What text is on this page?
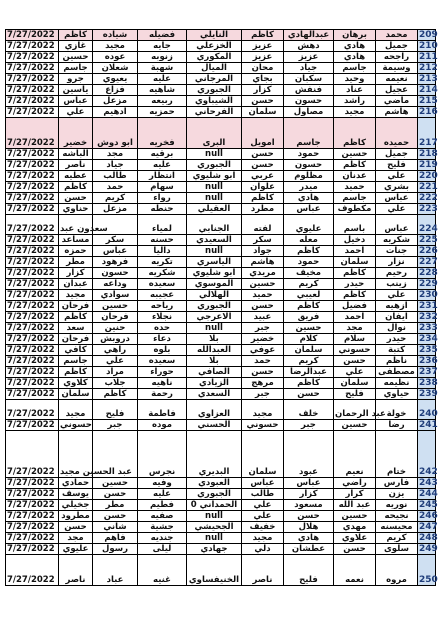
7/27/2022	كاظم	شياده	فضيله	النايلي	كاظم	عبدالهادي	برهان	محمد	209
7/27/2022	غازي	مجيد	جايه	الخزعلي	عزيز	دهش	هادي	جميل	210
7/27/2022	حسين	عوده	زنوبه	المكوري	عزيز	عزيز	هادي	راجحه	211
7/27/2022	جاسم	شعلان	شهبة	الميال	محان	جياد	جاسم	وسيمة	212
7/27/2022	جرو	يعيوي	عليه	المرجاني	بجاي	سكبان	وحيد	نعيمه	213
7/27/2022	ياسين	فزاع	شاهيه	الجبوري	كزار	فنفش	عناد	عجيل	214
7/27/2022	عباس	مزعل	ربيعه	الشيباوي	حسن	حسون	راشد	ماضي	215
7/27/2022	علي	ادهيم	حمزيه	الفرحاني	سلمان	مصاول	مجيد	هاشم	216
7/27/2022	خضير	ابو دوش	فخريه	البرى	امويل	جاسم	كاظم	حميده	217
7/27/2022	الباشه	مجد	برقيه	null	حسن	حمود	حسين	جميل	218
7/27/2022	ناصر	جياد	عليه	الجبوري	حسن	حسون	كاظم	فليح	219
7/27/2022	عطيه	طالب	انتظار	ابو شليوي	عربي	مظلوم	عدنان	علي	220
7/27/2022	كاظم	حمد	سهام	null	علوان	ميدر	حميد	بشري	221
7/27/2022	حسن	كريم	رواء	null	كاظم	هادي	جاسم	عباس	222
7/27/2022	حناوي	مزعل	حنطه	العقيلي	مطرد	عباس	مكطوف	علي	223
7/27/2022	سعدون عبد		لمياء	الجنابي	لفته	عليوي	باسم	عباس	224
7/27/2022	مساعد	سكر	حسنه	السعيدي	سكر	معله	دخيل	شكريه	225
7/27/2022	حمزه	عباس	داليا	null	جواد	كاظم	احمد	جنات	226
7/27/2022	مطر	فرهود	تكريه	الياسري	هاشم	حمود	سلمان	نزار	227
7/27/2022	كزار	حسون	شكريه	ابو شليوي	مريدي	مخيف	كاظم	رحيم	228
7/27/2022	عبدان	وداعه	سعيده	الموسوي	حسين	كريم	حيدر	زينب	229
7/27/2022	مجيد	سوادي	عجيبه	الهلالي	حميد	لعيبي	كاظم	علي	230
7/27/2022	فرحان	حسين	رياحه	الجبوري	حسن	كاظم	فضيل	ازهيه	231
7/27/2022	كاظم	فرحان	نجلاء	الاعرجي	عبيد	فريق	احمد	ايفان	232
7/27/2022	سعد	حنين	حده	null	جبر	حسين	مجد	نوال	233
7/27/2022	فرحان	دروبش	دعاء	بلا	خضير	كلام	سلام	حيدر	234
7/27/2022	كافي	راهي	بلوه	العبدالله	عوفي	سلمان	حسوني	كتبة	235
7/27/2022	جاسم	علي	سعيده	بلا	حمد	كريم	حسن	ناظم	236
7/27/2022	كاظم	مراد	حوراء	الصافي	حسن	عبدالرضا	علي	مصطفى	237
7/27/2022	كلاوي	جلاب	ناهيه	الزيادي	مرهج	كاظم	سلمان	نظيمه	238
7/27/2022	سلمان	كاظم	رحمة	السعدي	جبر	حسن	فليح	حياوي	239
7/27/2022	مجيد	فليح	فاطمة	العزاوي	مجيد	خلف	عبد الرحمان	خولة	240
7/27/2022	حسوني	جبر	موده	الحسني	حسوني	جبر	حسين	رضا	241
7/27/2022	عبد الحسين مجيد		نجرس	البديري	سلمان	عبود	نعيم	ختام	242
7/27/2022	حمادي	حسين	وفيه	العبودي	عباس	عباس	راضي	فارس	243
7/27/2022	يوسف	حسن	عليه	الجبوري	طالب	كزار	كرار	يزن	244
7/27/2022	جخيلي	مطر	فطيم	0 الحمداني	علي	مسعود	عبد الله	نوريه	245
7/27/2022	مطرود	حسن	صفيه	null	علي	حسن	حسين	نجيحه	246
7/27/2022	حسن	شاني	جشية	الجحيشي	خفيف	هلال	مهدي	محيسنه	247
7/27/2022	مجد	فاهم	جنديه	null	مجيد	هادي	علاوي	كريم	248
7/27/2022	عليوي	رسول	ليلى	جهادي	دلي	عطشان	حسن	سلوى	249
7/27/2022	ناصر	عباد	غنيه	الخنيفساوي	ناصر	فليح	نعمه	مروه	250
